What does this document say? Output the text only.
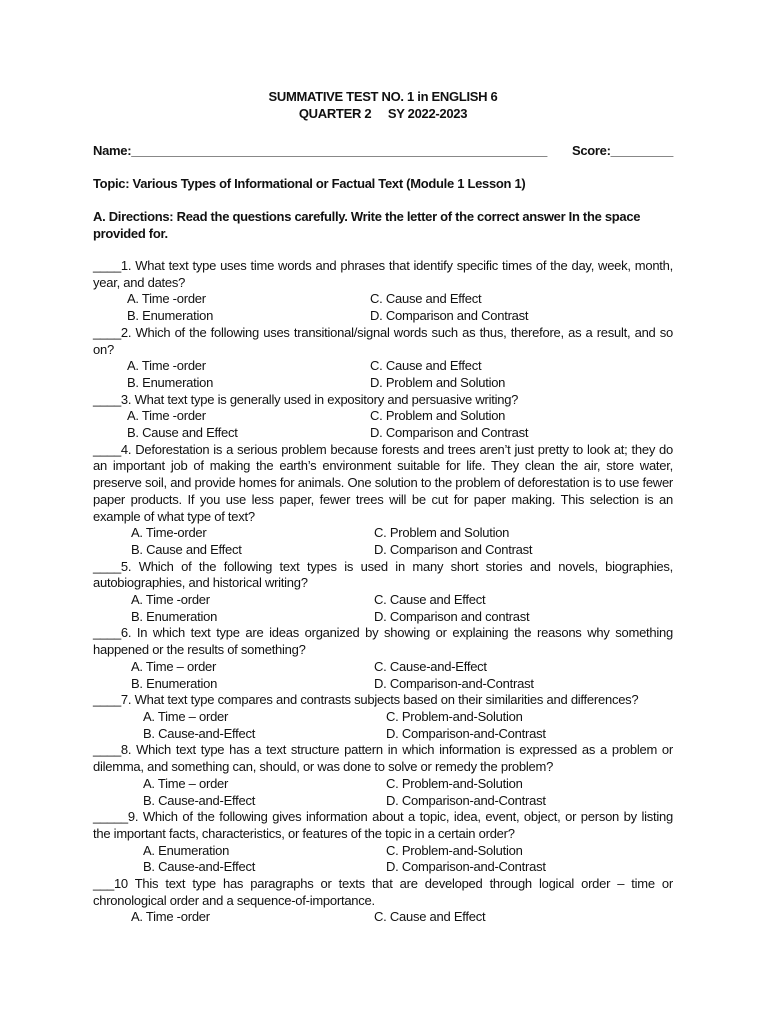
SUMMATIVE TEST NO. 1 in ENGLISH 6
QUARTER 2     SY 2022-2023
Name:____________________________________________________________ Score:_________
Topic: Various Types of Informational or Factual Text (Module 1 Lesson 1)
A. Directions: Read the questions carefully. Write the letter of the correct answer In the space provided for.

____1. What text type uses time words and phrases that identify specific times of the day, week, month, year, and dates?

A. Time -order	C. Cause and Effect
B. Enumeration	D. Comparison and Contrast

____2. Which of the following uses transitional/signal words such as thus, therefore, as a result, and so on?

A. Time -order	C. Cause and Effect
B. Enumeration	D. Problem and Solution

____3. What text type is generally used in expository and persuasive writing?

A. Time -order	C. Problem and Solution
B. Cause and Effect	D. Comparison and Contrast

____4. Deforestation is a serious problem because forests and trees aren’t just pretty to look at; they do an important job of making the earth’s environment suitable for life. They clean the air, store water, preserve soil, and provide homes for animals. One solution to the problem of deforestation is to use fewer paper products. If you use less paper, fewer trees will be cut for paper making. This selection is an example of what type of text?

A. Time-order	C. Problem and Solution
B. Cause and Effect	D. Comparison and Contrast

____5. Which of the following text types is used in many short stories and novels, biographies, autobiographies, and historical writing?

A. Time -order	C. Cause and Effect
B. Enumeration	D. Comparison and contrast

____6. In which text type are ideas organized by showing or explaining the reasons why something happened or the results of something?

A. Time – order	C. Cause-and-Effect
B. Enumeration	D. Comparison-and-Contrast

____7. What text type compares and contrasts subjects based on their similarities and differences?

A. Time – order	C. Problem-and-Solution
B. Cause-and-Effect	D. Comparison-and-Contrast

____8. Which text type has a text structure pattern in which information is expressed as a problem or dilemma, and something can, should, or was done to solve or remedy the problem?

A. Time – order	C. Problem-and-Solution
B. Cause-and-Effect	D. Comparison-and-Contrast

_____9. Which of the following gives information about a topic, idea, event, object, or person by listing the important facts, characteristics, or features of the topic in a certain order?

A. Enumeration	C. Problem-and-Solution
B. Cause-and-Effect	D. Comparison-and-Contrast

___10 This text type has paragraphs or texts that are developed through logical order – time or chronological order and a sequence-of-importance.

A. Time -order	C. Cause and Effect
